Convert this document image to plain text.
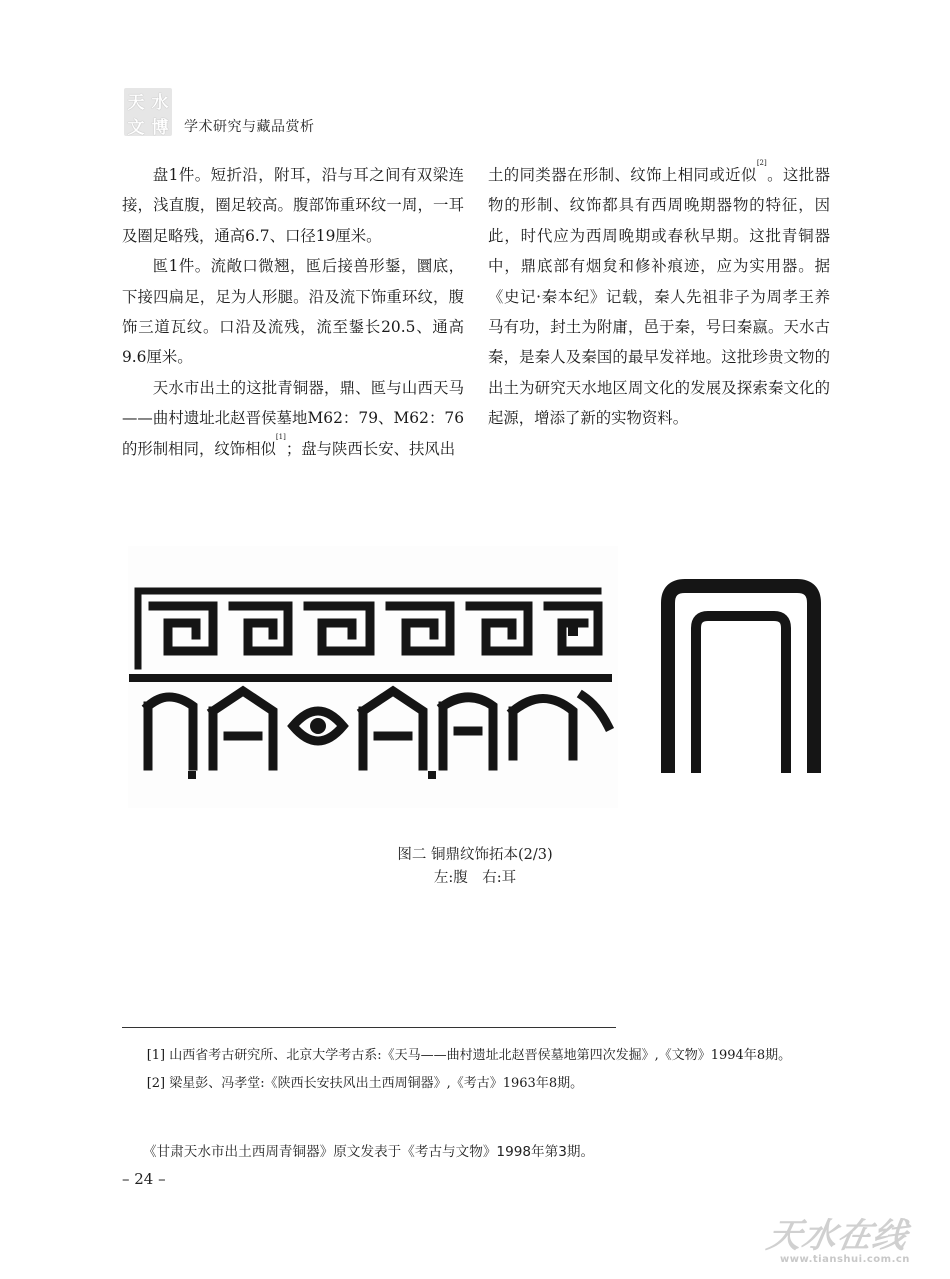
天 水
文 博 学术研究与藏品赏析

盘1件。短折沿，附耳，沿与耳之间有双梁连接，浅直腹，圈足较高。腹部饰重环纹一周，一耳及圈足略残，通高6.7、口径19厘米。

匜1件。流敞口微翘，匜后接兽形鋬，圜底，下接四扁足，足为人形腿。沿及流下饰重环纹，腹饰三道瓦纹。口沿及流残，流至鋬长20.5、通高9.6厘米。

天水市出土的这批青铜器，鼎、匜与山西天马——曲村遗址北赵晋侯墓地M62：79、M62：76的形制相同，纹饰相似[1]；盘与陕西长安、扶风出

土的同类器在形制、纹饰上相同或近似[2]。这批器物的形制、纹饰都具有西周晚期器物的特征，因此，时代应为西周晚期或春秋早期。这批青铜器中，鼎底部有烟炱和修补痕迹，应为实用器。据《史记·秦本纪》记载，秦人先祖非子为周孝王养马有功，封土为附庸，邑于秦，号曰秦嬴。天水古秦，是秦人及秦国的最早发祥地。这批珍贵文物的出土为研究天水地区周文化的发展及探索秦文化的起源，增添了新的实物资料。

图二 铜鼎纹饰拓本(2/3)
左:腹　右:耳

[1] 山西省考古研究所、北京大学考古系:《天马——曲村遗址北赵晋侯墓地第四次发掘》,《文物》1994年8期。

[2] 梁星彭、冯孝堂:《陕西长安扶风出土西周铜器》,《考古》1963年8期。

《甘肃天水市出土西周青铜器》原文发表于《考古与文物》1998年第3期。
– 24 –
天水在线
www.tianshui.com.cn
